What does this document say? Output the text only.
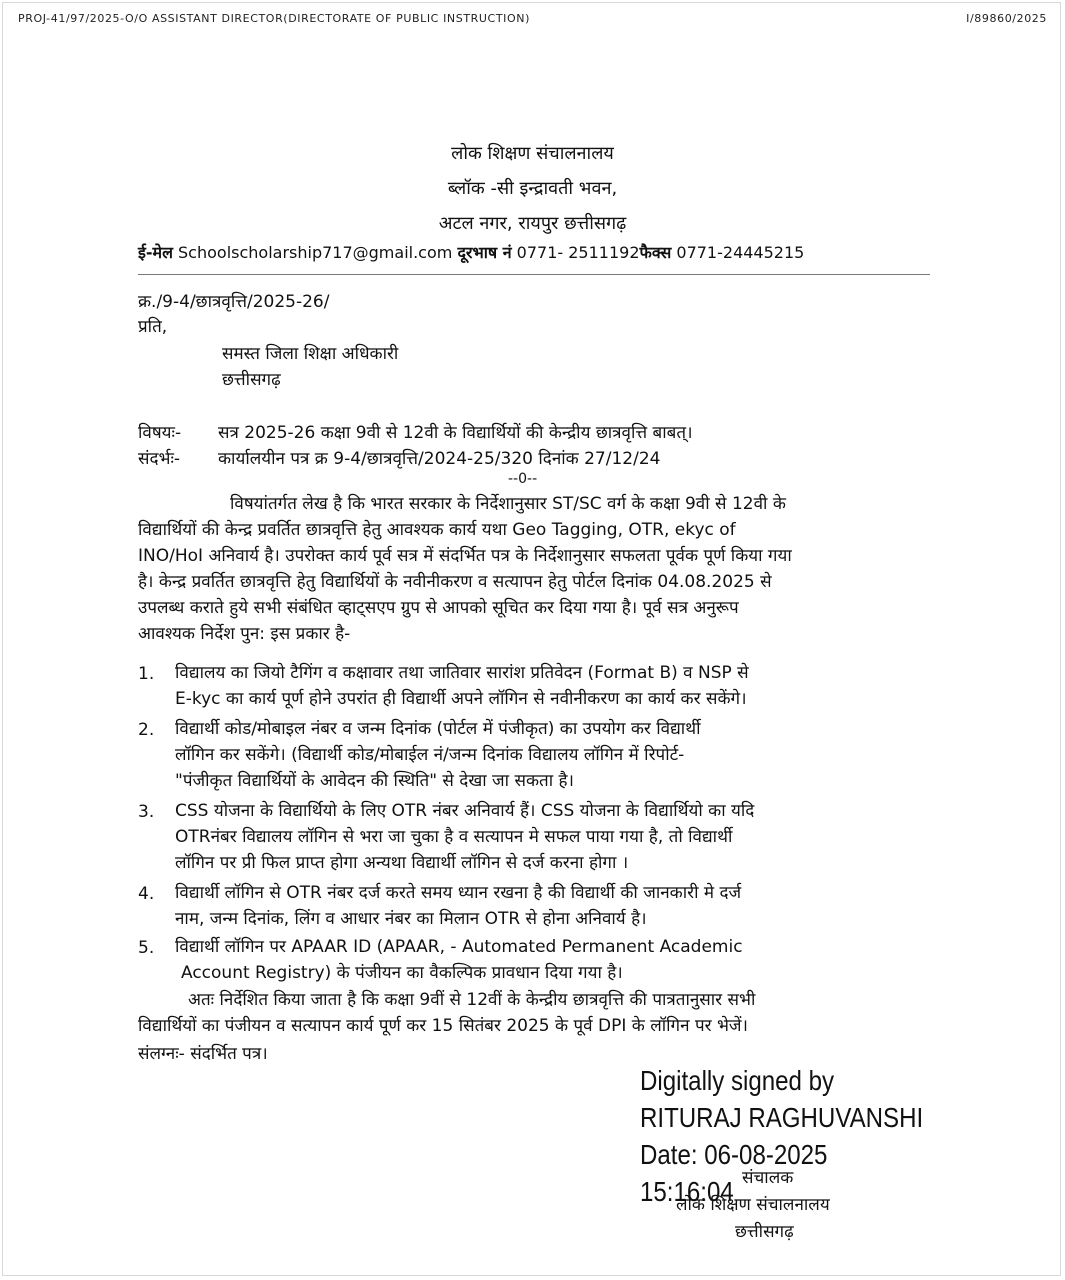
PROJ-41/97/2025-O/O ASSISTANT DIRECTOR(DIRECTORATE OF PUBLIC INSTRUCTION)	I/89860/2025
लोक शिक्षण संचालनालय
ब्लॉक -सी इन्द्रावती भवन,
अटल नगर, रायपुर छत्तीसगढ़
ई-मेल Schoolscholarship717@gmail.com दूरभाष नं 0771- 2511192फैक्स 0771-24445215
क्र./9-4/छात्रवृत्ति/2025-26/
प्रति,
समस्त जिला शिक्षा अधिकारी
छत्तीसगढ़
विषयः- सत्र 2025-26 कक्षा 9वी से 12वी के विद्यार्थियों की केन्द्रीय छात्रवृत्ति बाबत्।
संदर्भः- कार्यालयीन पत्र क्र 9-4/छात्रवृत्ति/2024-25/320 दिनांक 27/12/24
--0--
विषयांतर्गत लेख है कि भारत सरकार के निर्देशानुसार ST/SC वर्ग के कक्षा 9वी से 12वी के
विद्यार्थियों की केन्द्र प्रवर्तित छात्रवृत्ति हेतु आवश्यक कार्य यथा Geo Tagging, OTR, ekyc of
INO/HoI अनिवार्य है। उपरोक्त कार्य पूर्व सत्र में संदर्भित पत्र के निर्देशानुसार सफलता पूर्वक पूर्ण किया गया
है। केन्द्र प्रवर्तित छात्रवृत्ति हेतु विद्यार्थियों के नवीनीकरण व सत्यापन हेतु पोर्टल दिनांक 04.08.2025 से
उपलब्ध कराते हुये सभी संबंधित व्हाट्सएप ग्रुप से आपको सूचित कर दिया गया है। पूर्व सत्र अनुरूप
आवश्यक निर्देश पुन: इस प्रकार है-
1. विद्यालय का जियो टैगिंग व कक्षावार तथा जातिवार सारांश प्रतिवेदन (Format B) व NSP से
E-kyc का कार्य पूर्ण होने उपरांत ही विद्यार्थी अपने लॉगिन से नवीनीकरण का कार्य कर सकेंगे।
2. विद्यार्थी कोड/मोबाइल नंबर व जन्म दिनांक (पोर्टल में पंजीकृत) का उपयोग कर विद्यार्थी
लॉगिन कर सकेंगे। (विद्यार्थी कोड/मोबाईल नं/जन्म दिनांक विद्यालय लॉगिन में रिपोर्ट-
"पंजीकृत विद्यार्थियों के आवेदन की स्थिति" से देखा जा सकता है।
3. CSS योजना के विद्यार्थियो के लिए OTR नंबर अनिवार्य हैं। CSS योजना के विद्यार्थियो का यदि
OTRनंबर विद्यालय लॉगिन से भरा जा चुका है व सत्यापन मे सफल पाया गया है, तो विद्यार्थी
लॉगिन पर प्री फिल प्राप्त होगा अन्यथा विद्यार्थी लॉगिन से दर्ज करना होगा ।
4. विद्यार्थी लॉगिन से OTR नंबर दर्ज करते समय ध्यान रखना है की विद्यार्थी की जानकारी मे दर्ज
नाम, जन्म दिनांक, लिंग व आधार नंबर का मिलान OTR से होना अनिवार्य है।
5. विद्यार्थी लॉगिन पर APAAR ID (APAAR, - Automated Permanent Academic
Account Registry) के पंजीयन का वैकल्पिक प्रावधान दिया गया है।
अतः निर्देशित किया जाता है कि कक्षा 9वीं से 12वीं के केन्द्रीय छात्रवृत्ति की पात्रतानुसार सभी
विद्यार्थियों का पंजीयन व सत्यापन कार्य पूर्ण कर 15 सितंबर 2025 के पूर्व DPI के लॉगिन पर भेजें।
संलग्नः- संदर्भित पत्र।
Digitally signed by
RITURAJ RAGHUVANSHI
Date: 06-08-2025
15:16:04 संचालक
लोक शिक्षण संचालनालय
छत्तीसगढ़
